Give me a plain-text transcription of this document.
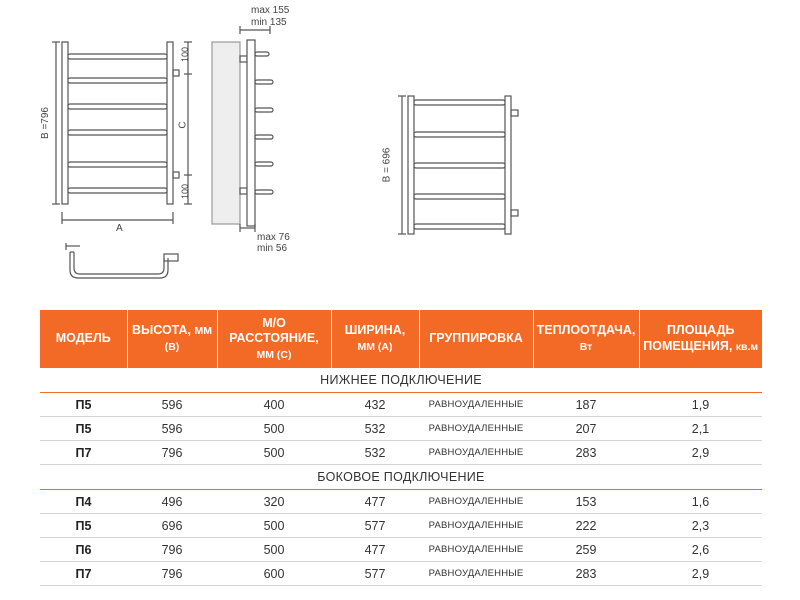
B =796
A
100
C
100
max 155
min 135
max 76
min 56
B = 696
МОДЕЛЬ	ВЫСОТА, ММ (В)	М/О РАССТОЯНИЕ, ММ (С)	ШИРИНА, ММ (А)	ГРУППИРОВКА	ТЕПЛООТДАЧА, Вт	ПЛОЩАДЬ ПОМЕЩЕНИЯ, кв.м
НИЖНЕЕ ПОДКЛЮЧЕНИЕ						
П5	596	400	432	РАВНОУДАЛЕННЫЕ	187	1,9
П5	596	500	532	РАВНОУДАЛЕННЫЕ	207	2,1
П7	796	500	532	РАВНОУДАЛЕННЫЕ	283	2,9
БОКОВОЕ ПОДКЛЮЧЕНИЕ						
П4	496	320	477	РАВНОУДАЛЕННЫЕ	153	1,6
П5	696	500	577	РАВНОУДАЛЕННЫЕ	222	2,3
П6	796	500	477	РАВНОУДАЛЕННЫЕ	259	2,6
П7	796	600	577	РАВНОУДАЛЕННЫЕ	283	2,9
